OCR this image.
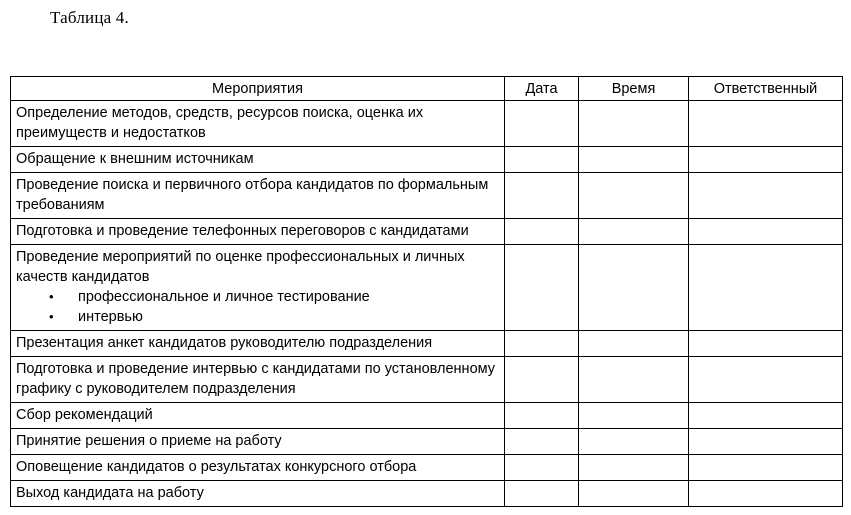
Таблица 4.
Мероприятия	Дата	Время	Ответственный

Определение методов, средств, ресурсов поиска, оценка их преимуществ и недостатков			

Обращение к внешним источникам			

Проведение поиска и первичного отбора кандидатов по формальным требованиям			

Подготовка и проведение телефонных переговоров с кандидатами			

Проведение мероприятий по оценке профессиональных и личных качеств кандидатов
• профессиональное и личное тестирование
• интервью

Презентация анкет кандидатов руководителю подразделения			

Подготовка и проведение интервью с кандидатами по установленному графику с руководителем подразделения			

Сбор рекомендаций			

Принятие решения о приеме на работу			

Оповещение кандидатов о результатах конкурсного отбора			

Выход кандидата на работу			
